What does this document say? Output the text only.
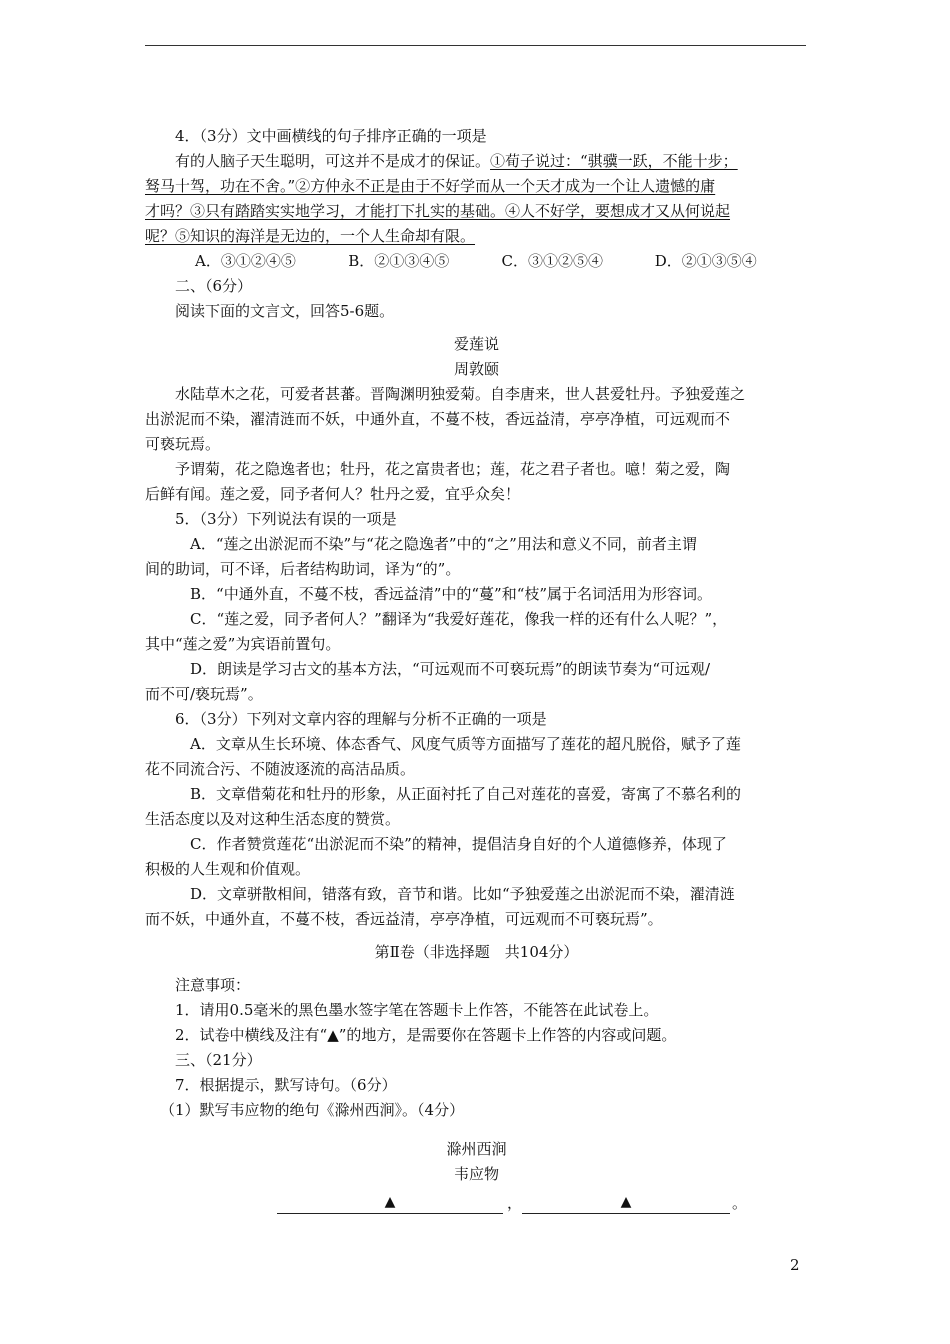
4．（3分）文中画横线的句子排序正确的一项是

有的人脑子天生聪明，可这并不是成才的保证。①荀子说过：“骐骥一跃，不能十步；

驽马十驾，功在不舍。”②方仲永不正是由于不好学而从一个天才成为一个让人遗憾的庸

才吗？③只有踏踏实实地学习，才能打下扎实的基础。④人不好学，要想成才又从何说起

呢？⑤知识的海洋是无边的，一个人生命却有限。

A．③①②④⑤	B．②①③④⑤	C．③①②⑤④	D．②①③⑤④

二、（6分）

阅读下面的文言文，回答5-6题。

爱莲说

周敦颐

水陆草木之花，可爱者甚蕃。晋陶渊明独爱菊。自李唐来，世人甚爱牡丹。予独爱莲之

出淤泥而不染，濯清涟而不妖，中通外直，不蔓不枝，香远益清，亭亭净植，可远观而不

可亵玩焉。

予谓菊，花之隐逸者也；牡丹，花之富贵者也；莲，花之君子者也。噫！菊之爱，陶

后鲜有闻。莲之爱，同予者何人？牡丹之爱，宜乎众矣！

5．（3分）下列说法有误的一项是

A．“莲之出淤泥而不染”与“花之隐逸者”中的“之”用法和意义不同，前者主谓

间的助词，可不译，后者结构助词，译为“的”。

B．“中通外直，不蔓不枝，香远益清”中的“蔓”和“枝”属于名词活用为形容词。

C．“莲之爱，同予者何人？”翻译为“我爱好莲花，像我一样的还有什么人呢？”，

其中“莲之爱”为宾语前置句。

D．朗读是学习古文的基本方法，“可远观而不可亵玩焉”的朗读节奏为“可远观/

而不可/亵玩焉”。

6．（3分）下列对文章内容的理解与分析不正确的一项是

A．文章从生长环境、体态香气、风度气质等方面描写了莲花的超凡脱俗，赋予了莲

花不同流合污、不随波逐流的高洁品质。

B．文章借菊花和牡丹的形象，从正面衬托了自己对莲花的喜爱，寄寓了不慕名利的

生活态度以及对这种生活态度的赞赏。

C．作者赞赏莲花“出淤泥而不染”的精神，提倡洁身自好的个人道德修养，体现了

积极的人生观和价值观。

D．文章骈散相间，错落有致，音节和谐。比如“予独爱莲之出淤泥而不染，濯清涟

而不妖，中通外直，不蔓不枝，香远益清，亭亭净植，可远观而不可亵玩焉”。

第Ⅱ卷（非选择题　共104分）

注意事项：

1．请用0.5毫米的黑色墨水签字笔在答题卡上作答，不能答在此试卷上。

2．试卷中横线及注有“▲”的地方，是需要你在答题卡上作答的内容或问题。

三、（21分）

7．根据提示，默写诗句。（6分）

（1）默写韦应物的绝句《滁州西涧》。（4分）

滁州西涧

韦应物

▲	，	▲	。
2
